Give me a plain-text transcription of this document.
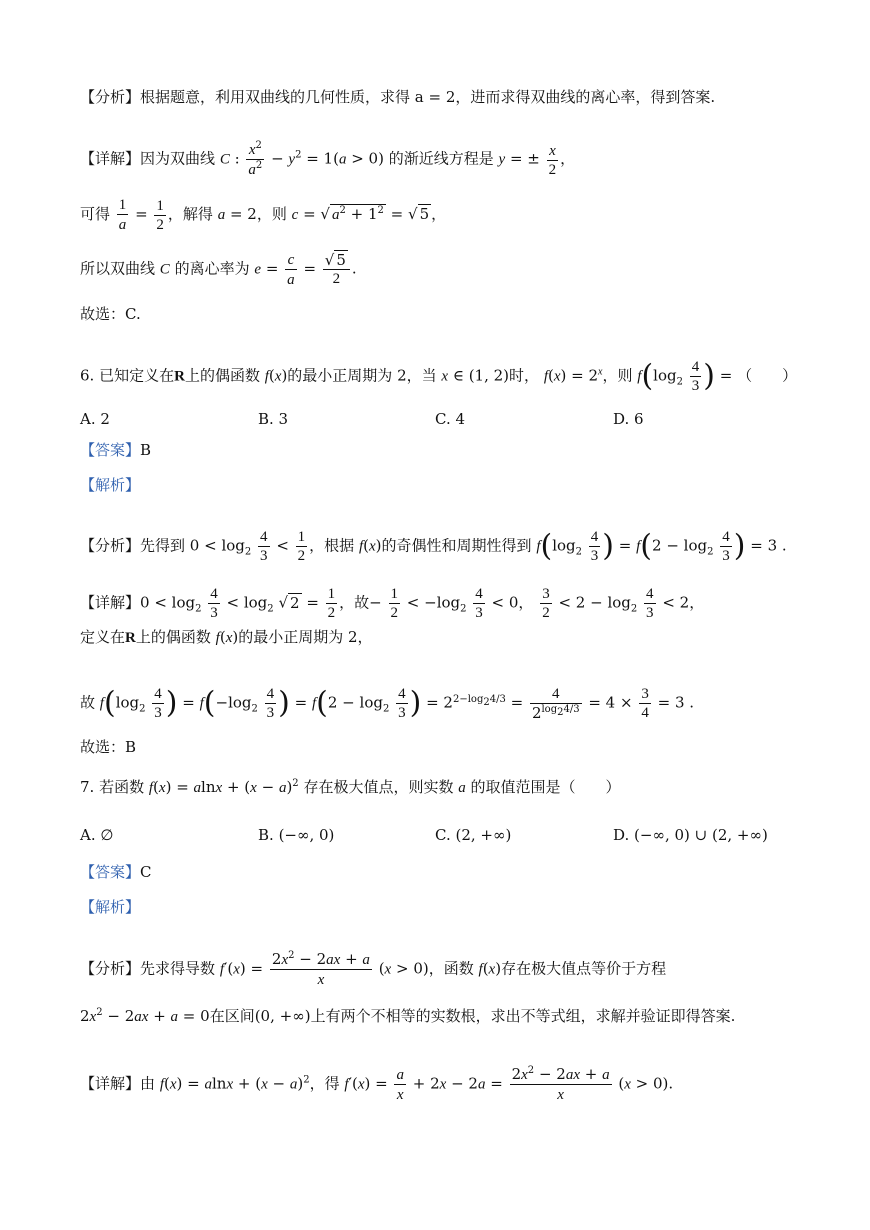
【分析】根据题意，利用双曲线的几何性质，求得 a = 2，进而求得双曲线的离心率，得到答案.
【详解】因为双曲线 C : $\frac{x^2}{a^2} - y^2 = 1(a > 0)$ 的渐近线方程是 y = ± $\frac{x}{2}$ ，
可得 $\frac{1}{a} = \frac{1}{2}$ ，解得 a = 2，则 c = √ $a^2 + 1^2$ = √ 5 ，
所以双曲线 C 的离心率为 $e = \frac{c}{a} = \frac{√ 5}{2}$ .
故选：C.
6. 已知定义在R上的偶函数 f(x)的最小正周期为 2，当 x ∈ (1, 2)时， $f(x) = 2^x$，则 $f(\log_2 \frac{4}{3}$ ) = （　　）
A. 2	B. 3	C. 4	D. 6
【答案】B
【解析】
【分析】先得到 $0 < \log_2 \frac{4}{3} < \frac{1}{2}$ ，根据 f(x)的奇偶性和周期性得到 $f(\log_2 \frac{4}{3}$ ) = $f(2 - \log_2 \frac{4}{3}$ ) = 3 .
【详解】$0 < \log_2 \frac{4}{3} < \log_2$ √ $2 = \frac{1}{2}$ ，故− $\frac{1}{2} < -\log_2 \frac{4}{3} < 0$， $\frac{3}{2} < 2 - \log_2 \frac{4}{3} < 2$，
定义在R上的偶函数 f(x)的最小正周期为 2，
故 $f(\log_2 \frac{4}{3}$ ) = $f(-\log_2 \frac{4}{3}$ ) = $f(2 - \log_2 \frac{4}{3}$ ) = $2^{2-log_24/3} = \frac{4}{2^{log_24/3}} = 4 \times \frac{3}{4} = 3$ .
故选：B
7. 若函数 $f(x) = alnx + (x - a)^2$ 存在极大值点，则实数 a 的取值范围是（　　）
A. ∅	B. (−∞, 0)	C. (2, +∞)	D. (−∞, 0) ∪ (2, +∞)
【答案】C
【解析】
【分析】先求得导数 $f'(x) = \frac{2x^2 - 2ax + a}{x} (x > 0)$，函数 f(x)存在极大值点等价于方程
$2x^2 - 2ax + a = 0$在区间(0, +∞)上有两个不相等的实数根，求出不等式组，求解并验证即得答案.
【详解】由 $f(x) = alnx + (x - a)^2$，得 $f'(x) = \frac{a}{x} + 2x - 2a = \frac{2x^2 - 2ax + a}{x} (x > 0)$.
